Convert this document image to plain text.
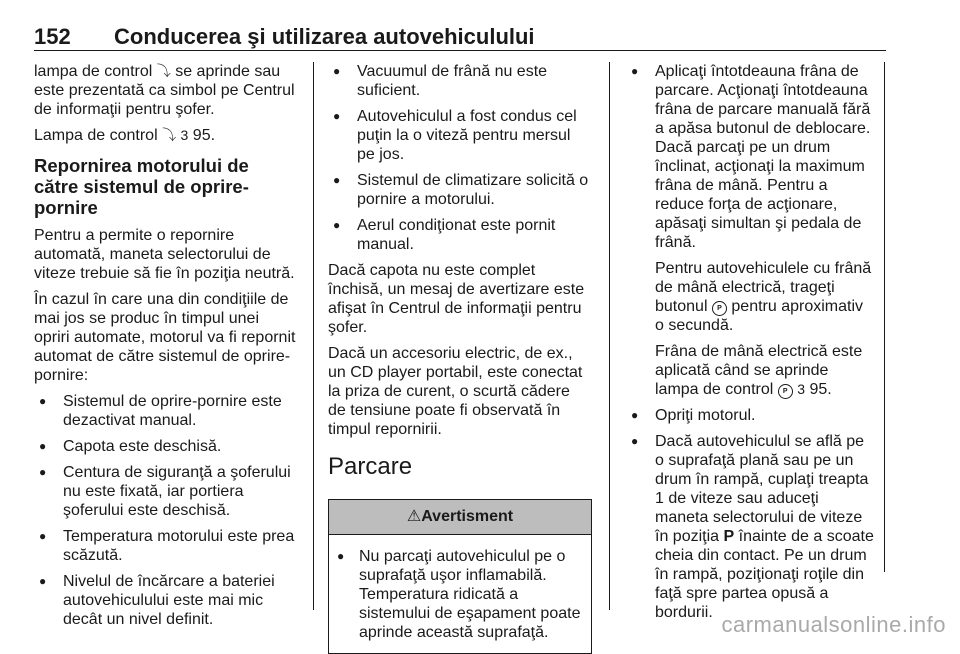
152 Conducerea şi utilizarea autovehiculului

lampa de control ⤵ se aprinde sau este prezentată ca simbol pe Centrul de informaţii pentru şofer.

Lampa de control ⤵ 3 95.

Repornirea motorului de către sistemul de oprire-pornire

Pentru a permite o repornire automată, maneta selectorului de viteze trebuie să fie în poziţia neutră.

În cazul în care una din condiţiile de mai jos se produc în timpul unei opriri automate, motorul va fi repornit automat de către sistemul de oprire-pornire:

● Sistemul de oprire-pornire este dezactivat manual.
● Capota este deschisă.
● Centura de siguranţă a şoferului nu este fixată, iar portiera şoferului este deschisă.
● Temperatura motorului este prea scăzută.
● Nivelul de încărcare a bateriei autovehiculului este mai mic decât un nivel definit.
● Vacuumul de frână nu este suficient.
● Autovehiculul a fost condus cel puţin la o viteză pentru mersul pe jos.
● Sistemul de climatizare solicită o pornire a motorului.
● Aerul condiţionat este pornit manual.

Dacă capota nu este complet închisă, un mesaj de avertizare este afişat în Centrul de informaţii pentru şofer.

Dacă un accesoriu electric, de ex., un CD player portabil, este conectat la priza de curent, o scurtă cădere de tensiune poate fi observată în timpul repornirii.

Parcare
⚠Avertisment
● Nu parcaţi autovehiculul pe o suprafaţă uşor inflamabilă. Temperatura ridicată a sistemului de eşapament poate aprinde această suprafaţă.
● Aplicaţi întotdeauna frâna de parcare. Acţionaţi întotdeauna frâna de parcare manuală fără a apăsa butonul de deblocare. Dacă parcaţi pe un drum înclinat, acţionaţi la maximum frâna de mână. Pentru a reduce forţa de acţionare, apăsaţi simultan şi pedala de frână.

Pentru autovehiculele cu frână de mână electrică, trageţi butonul P pentru aproximativ o secundă.

Frâna de mână electrică este aplicată când se aprinde lampa de control P 3 95.

● Opriţi motorul.
● Dacă autovehiculul se află pe o suprafaţă plană sau pe un drum în rampă, cuplaţi treapta 1 de viteze sau aduceţi maneta selectorului de viteze în poziţia P înainte de a scoate cheia din contact. Pe un drum în rampă, poziţionaţi roţile din faţă spre partea opusă a bordurii. carmanualsonline.info
